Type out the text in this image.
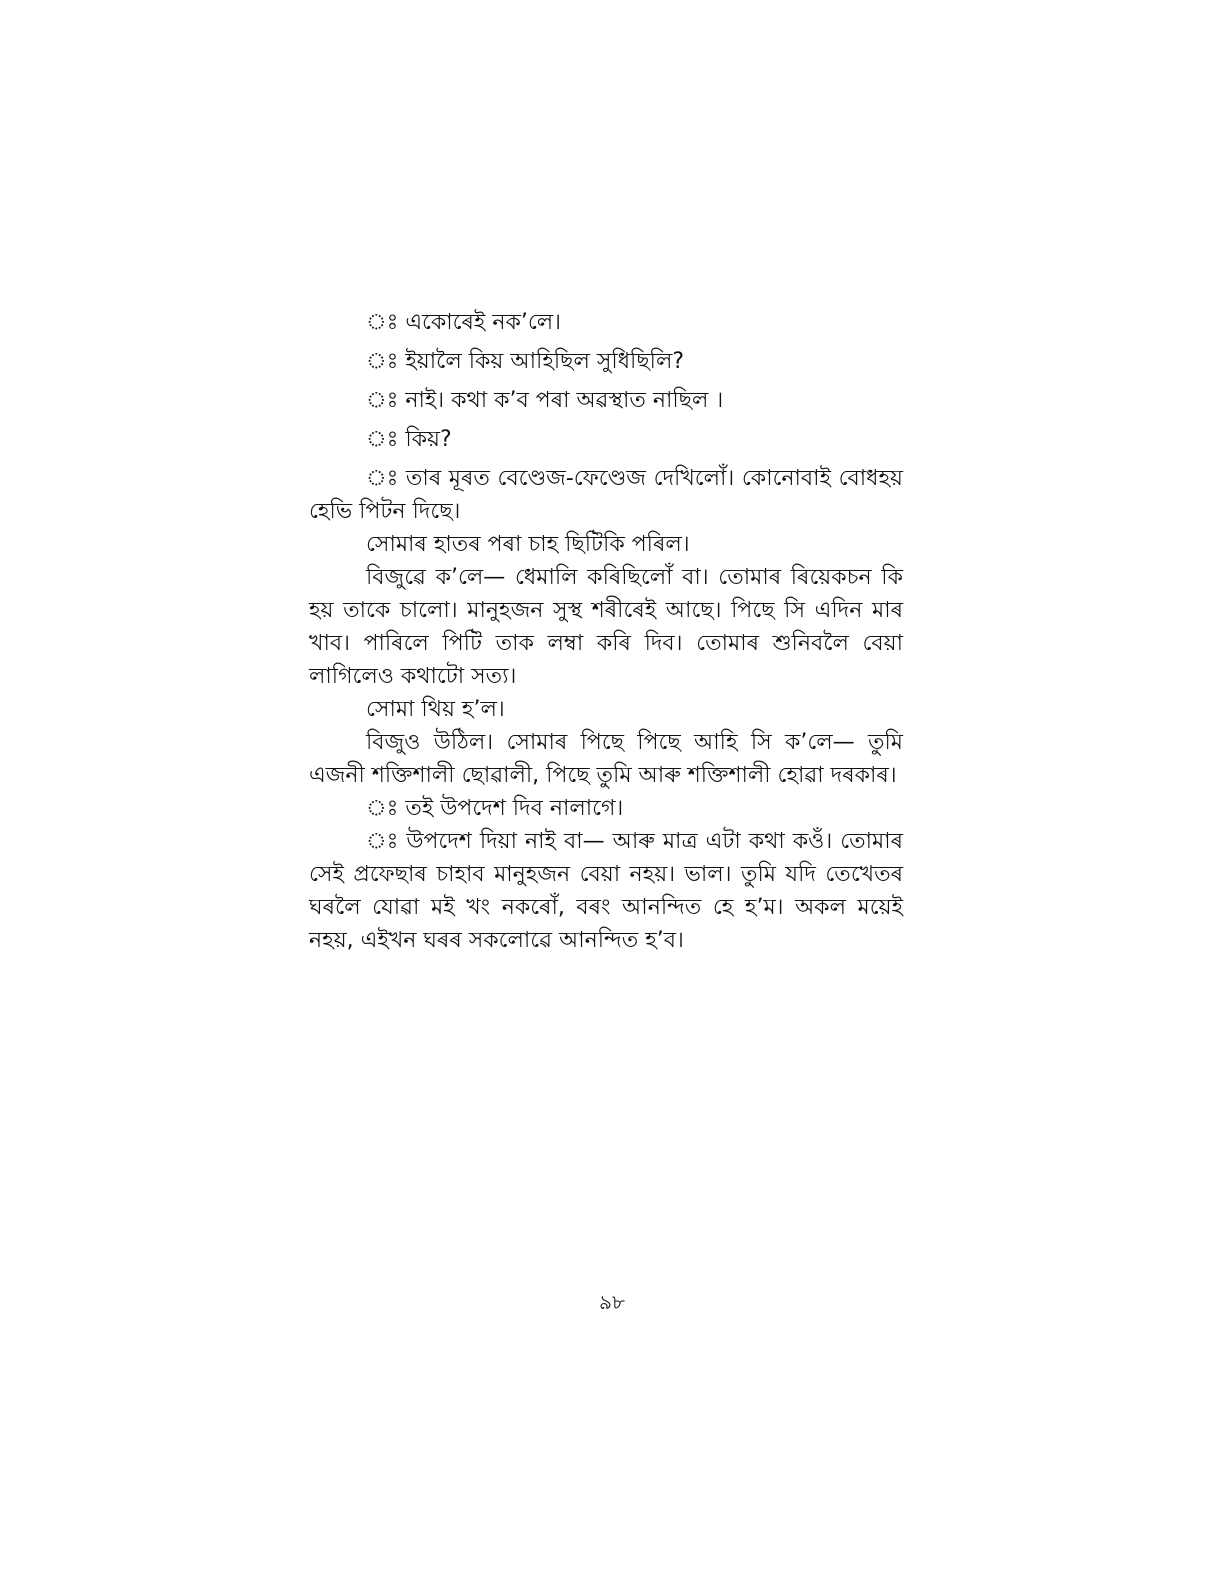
ঃ একোৰেই নক’লে।

ঃ ইয়ালৈ কিয় আহিছিল সুধিছিলি?

ঃ নাই। কথা ক’ব পৰা অৱস্থাত নাছিল ।

ঃ কিয়?

ঃ তাৰ মূৰত বেণ্ডেজ-ফেণ্ডেজ দেখিলোঁ। কোনোবাই বোধহয় হেভি পিটন দিছে।

সোমাৰ হাতৰ পৰা চাহ ছিটিকি পৰিল।

বিজুৱে ক’লে— ধেমালি কৰিছিলোঁ বা। তোমাৰ ৰিয়েকচন কি হয় তাকে চালো। মানুহজন সুস্থ শৰীৰেই আছে। পিছে সি এদিন মাৰ খাব। পাৰিলে পিটি তাক লম্বা কৰি দিব। তোমাৰ শুনিবলৈ বেয়া লাগিলেও কথাটো সত্য।

সোমা থিয় হ’ল।

বিজুও উঠিল। সোমাৰ পিছে পিছে আহি সি ক’লে— তুমি এজনী শক্তিশালী ছোৱালী, পিছে তুমি আৰু শক্তিশালী হোৱা দৰকাৰ।

ঃ তই উপদেশ দিব নালাগে।

ঃ উপদেশ দিয়া নাই বা— আৰু মাত্ৰ এটা কথা কওঁ। তোমাৰ সেই প্ৰফেছাৰ চাহাব মানুহজন বেয়া নহয়। ভাল। তুমি যদি তেখেতৰ ঘৰলৈ যোৱা মই খং নকৰোঁ, বৰং আনন্দিত হে হ’ম। অকল ময়েই নহয়, এইখন ঘৰৰ সকলোৱে আনন্দিত হ’ব।

৯৮
